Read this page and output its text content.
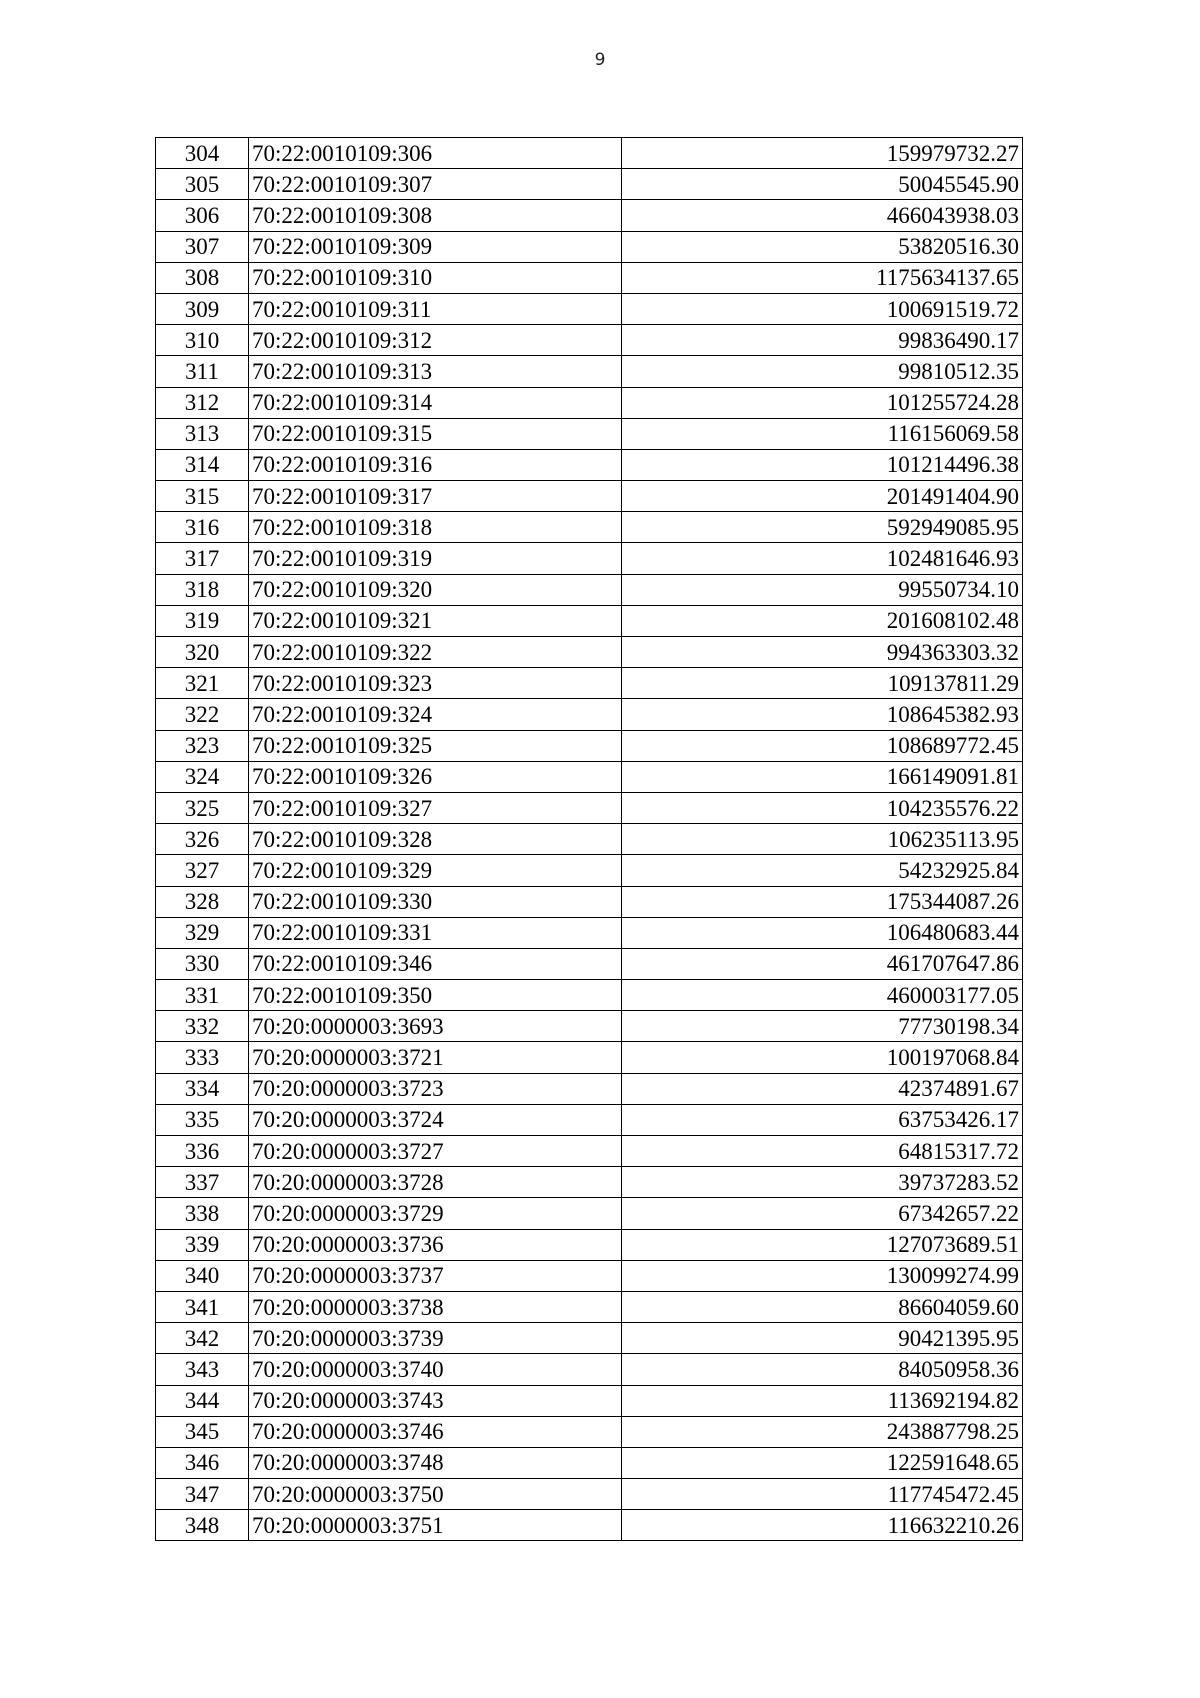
9
304	70:22:0010109:306	159979732.27
305	70:22:0010109:307	50045545.90
306	70:22:0010109:308	466043938.03
307	70:22:0010109:309	53820516.30
308	70:22:0010109:310	1175634137.65
309	70:22:0010109:311	100691519.72
310	70:22:0010109:312	99836490.17
311	70:22:0010109:313	99810512.35
312	70:22:0010109:314	101255724.28
313	70:22:0010109:315	116156069.58
314	70:22:0010109:316	101214496.38
315	70:22:0010109:317	201491404.90
316	70:22:0010109:318	592949085.95
317	70:22:0010109:319	102481646.93
318	70:22:0010109:320	99550734.10
319	70:22:0010109:321	201608102.48
320	70:22:0010109:322	994363303.32
321	70:22:0010109:323	109137811.29
322	70:22:0010109:324	108645382.93
323	70:22:0010109:325	108689772.45
324	70:22:0010109:326	166149091.81
325	70:22:0010109:327	104235576.22
326	70:22:0010109:328	106235113.95
327	70:22:0010109:329	54232925.84
328	70:22:0010109:330	175344087.26
329	70:22:0010109:331	106480683.44
330	70:22:0010109:346	461707647.86
331	70:22:0010109:350	460003177.05
332	70:20:0000003:3693	77730198.34
333	70:20:0000003:3721	100197068.84
334	70:20:0000003:3723	42374891.67
335	70:20:0000003:3724	63753426.17
336	70:20:0000003:3727	64815317.72
337	70:20:0000003:3728	39737283.52
338	70:20:0000003:3729	67342657.22
339	70:20:0000003:3736	127073689.51
340	70:20:0000003:3737	130099274.99
341	70:20:0000003:3738	86604059.60
342	70:20:0000003:3739	90421395.95
343	70:20:0000003:3740	84050958.36
344	70:20:0000003:3743	113692194.82
345	70:20:0000003:3746	243887798.25
346	70:20:0000003:3748	122591648.65
347	70:20:0000003:3750	117745472.45
348	70:20:0000003:3751	116632210.26
